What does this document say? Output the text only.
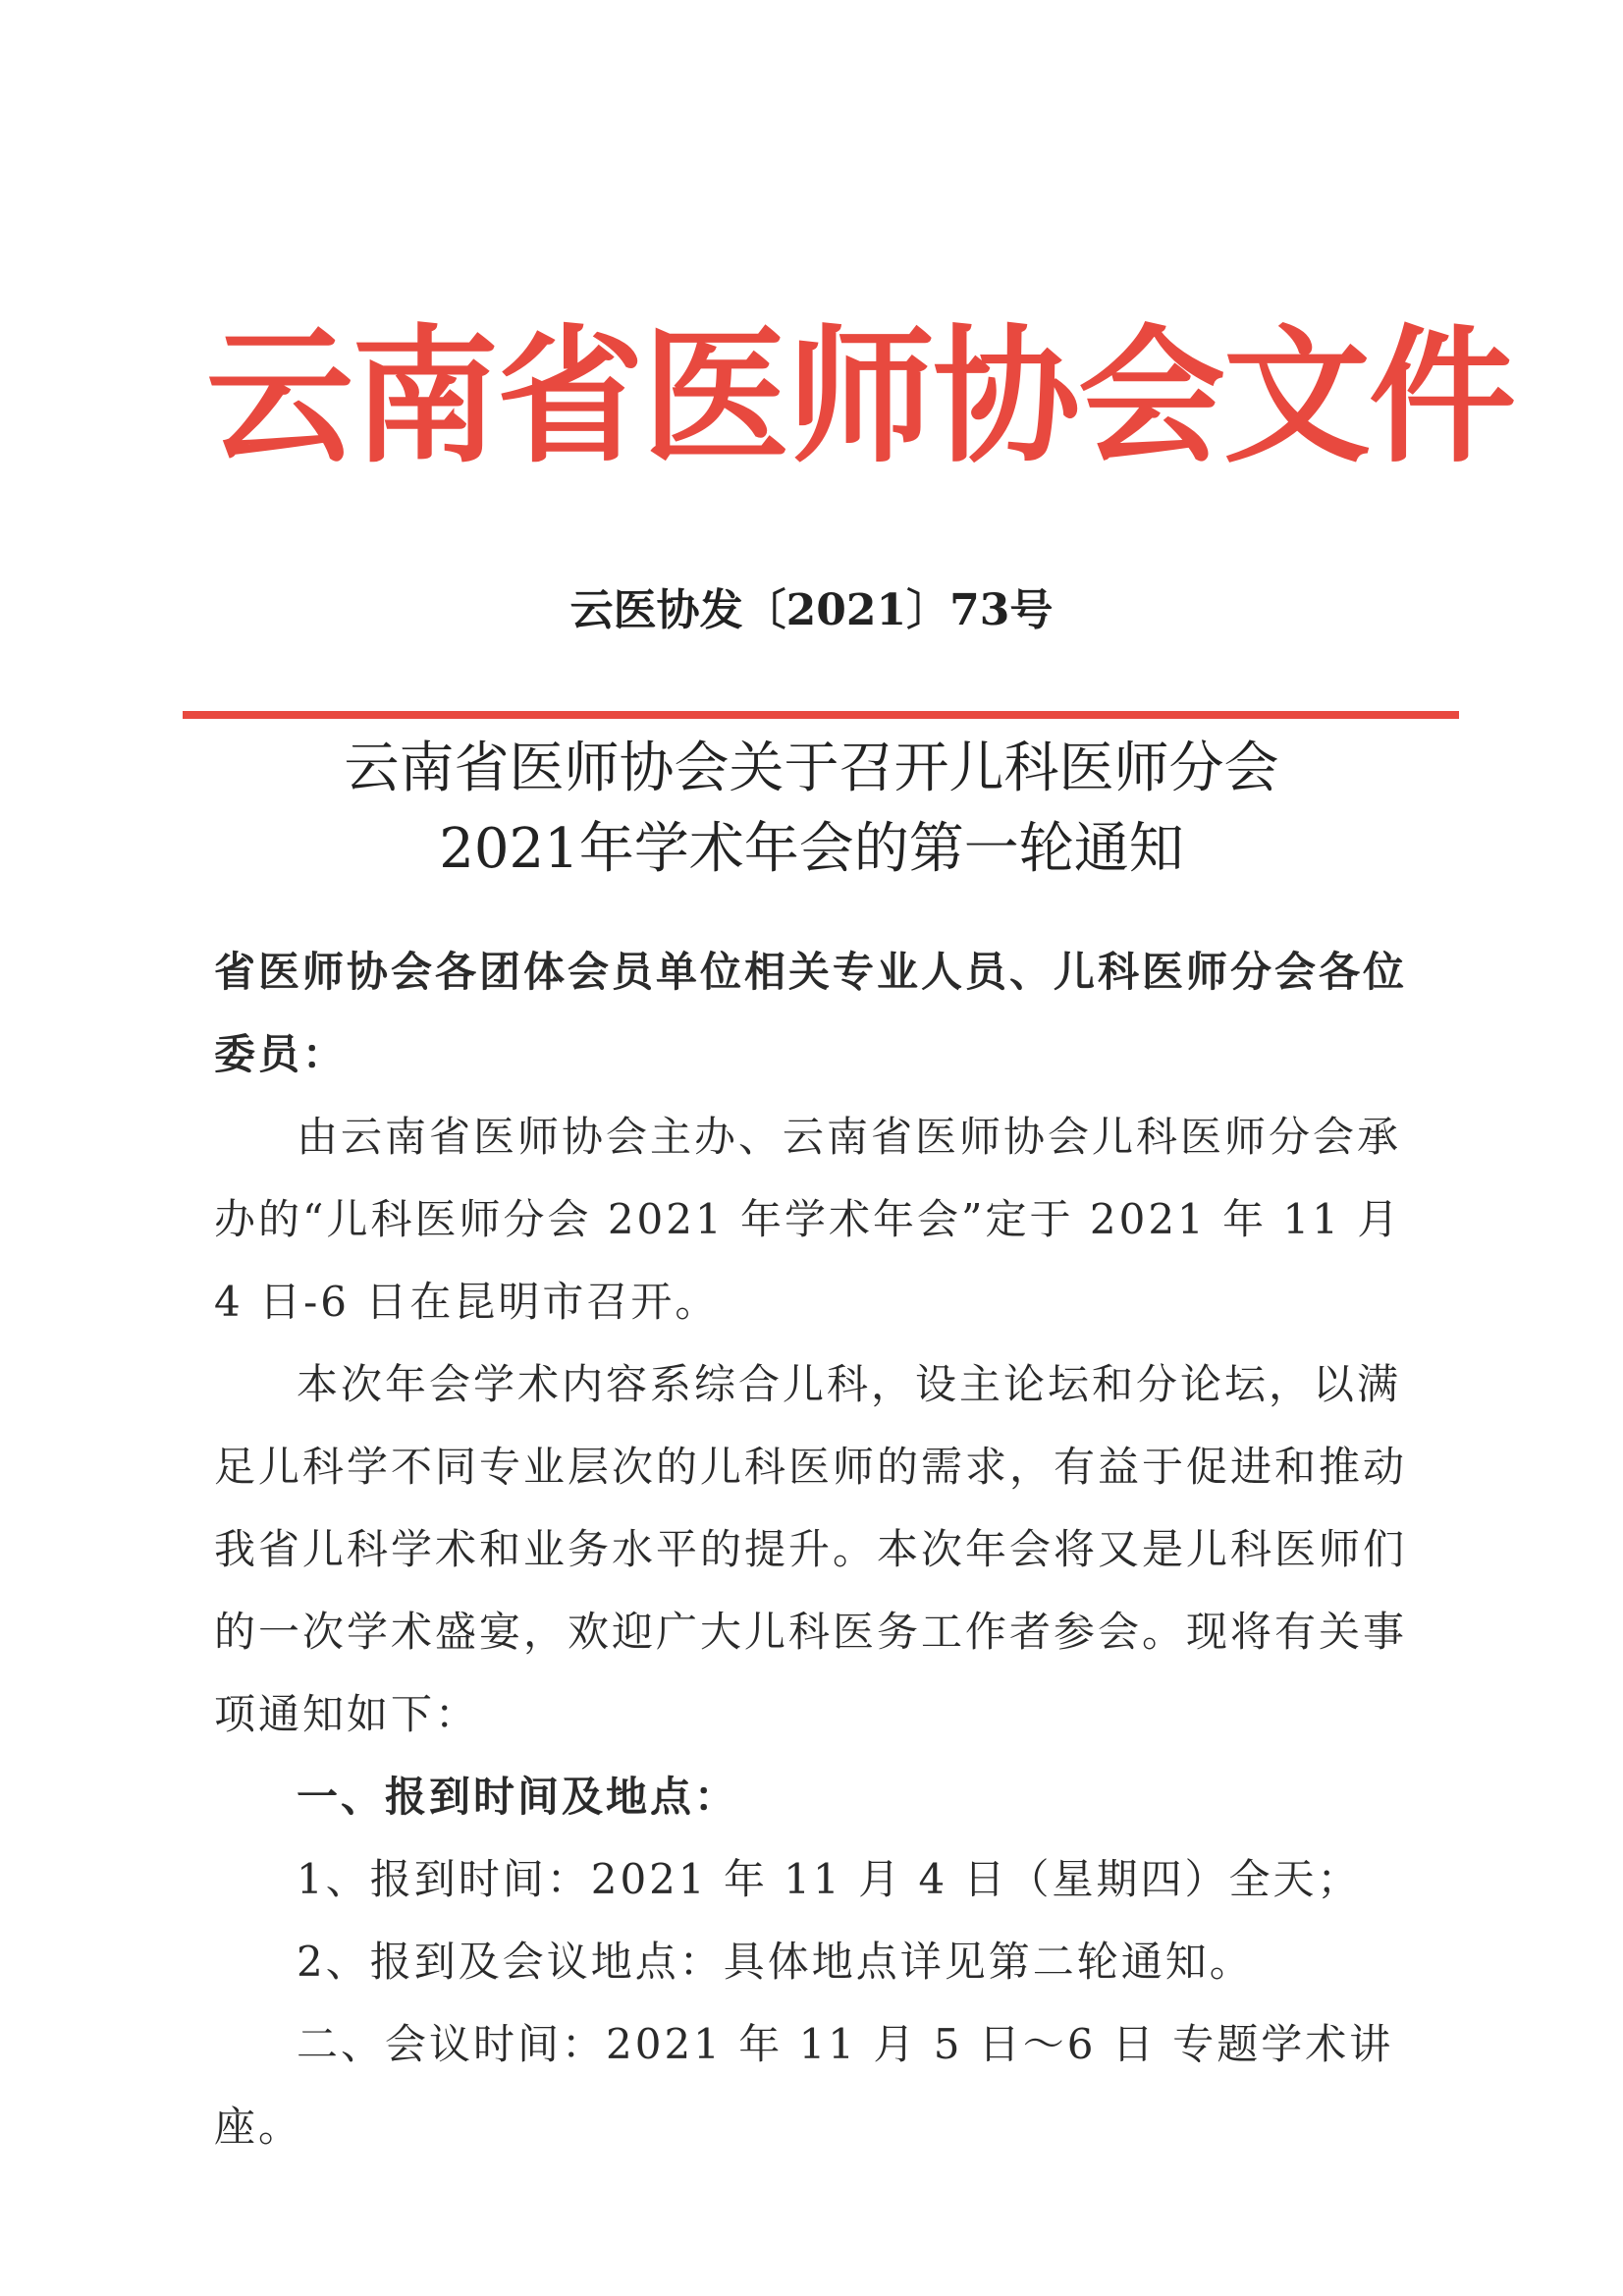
云南省医师协会文件
云医协发〔2021〕73号
云南省医师协会关于召开儿科医师分会
2021年学术年会的第一轮通知

省医师协会各团体会员单位相关专业人员、儿科医师分会各位委员：

由云南省医师协会主办、云南省医师协会儿科医师分会承办的“儿科医师分会 2021 年学术年会”定于 2021 年 11 月 4 日-6 日在昆明市召开。

本次年会学术内容系综合儿科，设主论坛和分论坛，以满足儿科学不同专业层次的儿科医师的需求，有益于促进和推动我省儿科学术和业务水平的提升。本次年会将又是儿科医师们的一次学术盛宴，欢迎广大儿科医务工作者参会。现将有关事项通知如下：

一、报到时间及地点：

1、报到时间：2021 年 11 月 4 日（星期四）全天；

2、报到及会议地点：具体地点详见第二轮通知。

二、会议时间：2021 年 11 月 5 日～6 日 专题学术讲座。
